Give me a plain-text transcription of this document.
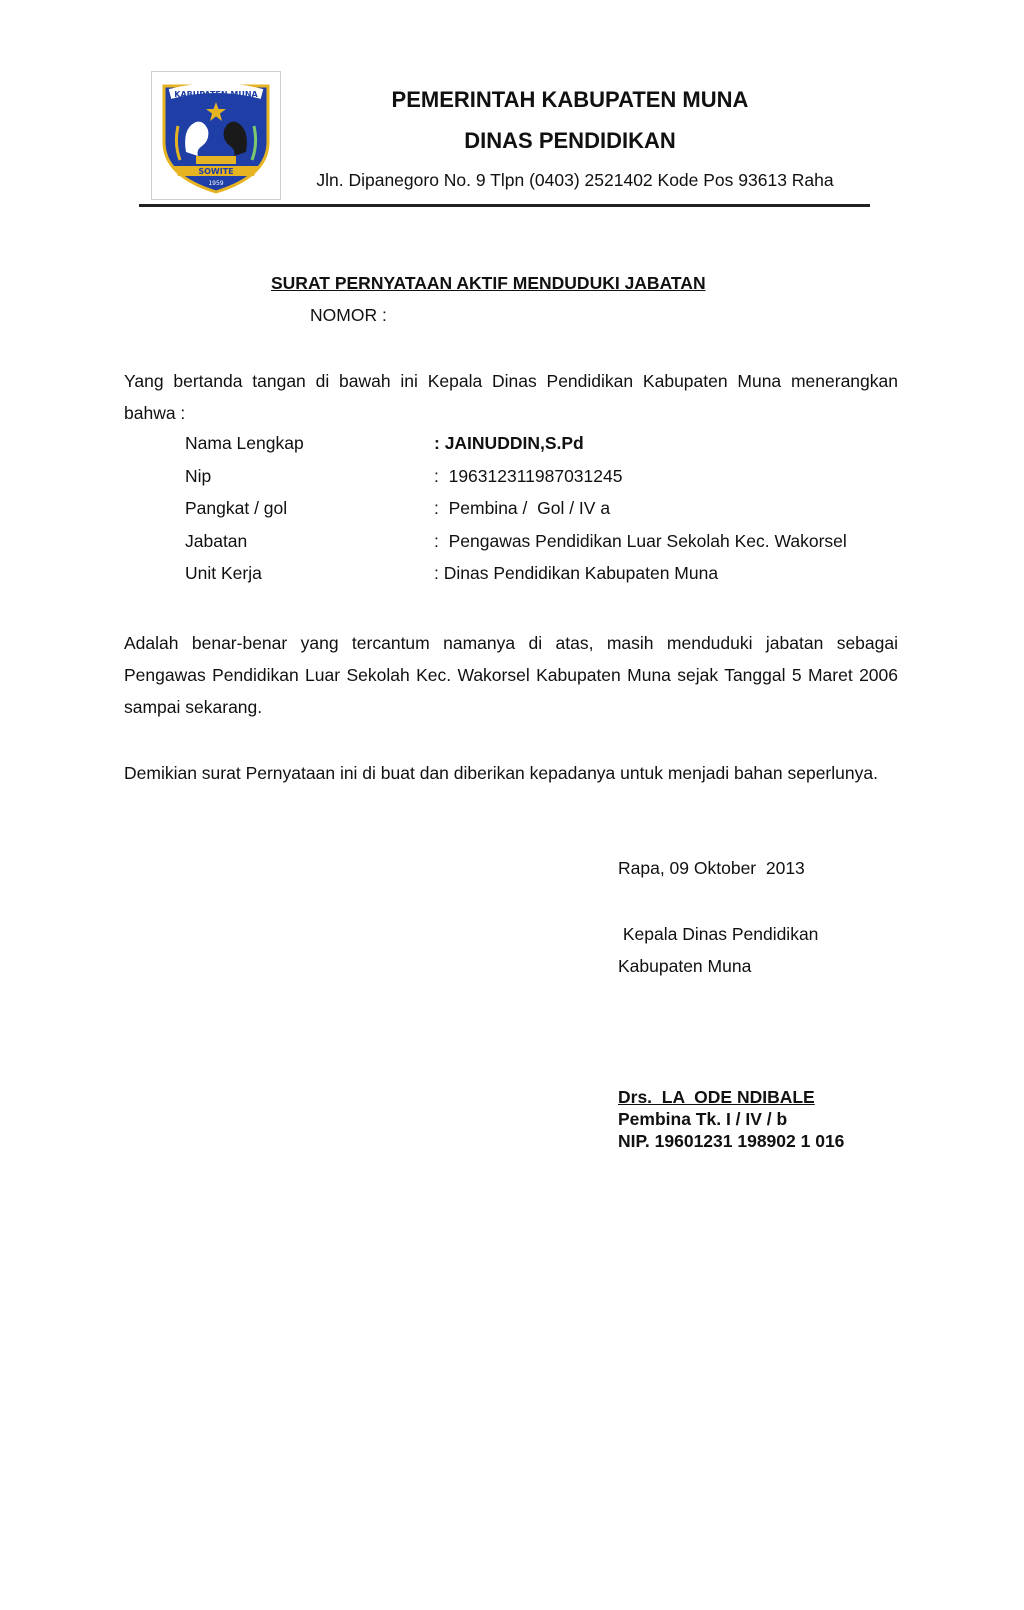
KABUPATEN MUNA
SOWITE
1959
PEMERINTAH KABUPATEN MUNA
DINAS PENDIDIKAN
Jln. Dipanegoro No. 9 Tlpn (0403) 2521402 Kode Pos 93613 Raha
SURAT PERNYATAAN AKTIF MENDUDUKI JABATAN
NOMOR :
Yang bertanda tangan di bawah ini Kepala Dinas Pendidikan Kabupaten Muna menerangkan bahwa :
Nama Lengkap	: JAINUDDIN,S.Pd
Nip	:  196312311987031245
Pangkat / gol	:  Pembina /  Gol / IV a
Jabatan	:  Pengawas Pendidikan Luar Sekolah Kec. Wakorsel
Unit Kerja	: Dinas Pendidikan Kabupaten Muna
Adalah benar-benar yang tercantum namanya di atas, masih menduduki jabatan sebagai Pengawas Pendidikan Luar Sekolah Kec. Wakorsel Kabupaten Muna sejak Tanggal 5 Maret 2006 sampai sekarang.
Demikian surat Pernyataan ini di buat dan diberikan kepadanya untuk menjadi bahan seperlunya.
Rapa, 09 Oktober  2013
Kepala Dinas Pendidikan
Kabupaten Muna
Drs.  LA  ODE NDIBALE
Pembina Tk. I / IV / b
NIP. 19601231 198902 1 016
